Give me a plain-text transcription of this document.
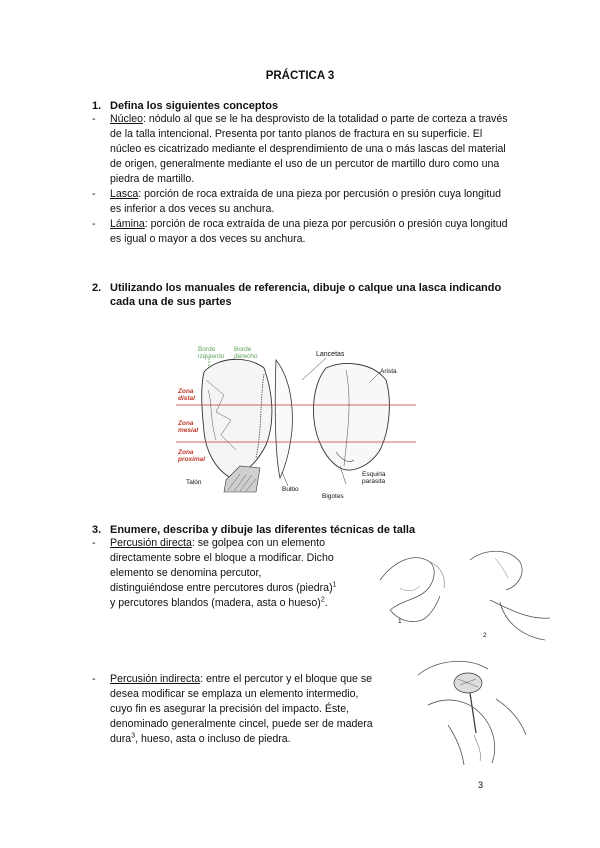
PRÁCTICA 3
1. Defina los siguientes conceptos
- Núcleo: nódulo al que se le ha desprovisto de la totalidad o parte de corteza a través
de la talla intencional. Presenta por tanto planos de fractura en su superficie. El
núcleo es cicatrizado mediante el desprendimiento de una o más lascas del material
de origen, generalmente mediante el uso de un percutor de martillo duro como una
piedra de martillo.
- Lasca: porción de roca extraída de una pieza por percusión o presión cuya longitud
es inferior a dos veces su anchura.
- Lámina: porción de roca extraída de una pieza por percusión o presión cuya longitud
es igual o mayor a dos veces su anchura.
2. Utilizando los manuales de referencia, dibuje o calque una lasca indicando
cada una de sus partes
Borde
izquierdo
Borde
derecho	Lancetas
Arista
Zona
distal
Zona
mesial
Zona
proximal
Talón
Bulbo
Bigotes
Esquirla
parasita
3. Enumere, describa y dibuje las diferentes técnicas de talla
- Percusión directa: se golpea con un elemento
directamente sobre el bloque a modificar. Dicho
elemento se denomina percutor,
distinguiéndose entre percutores duros (piedra)$^1$
y percutores blandos (madera, asta o hueso)$^2$.
1
2
- Percusión indirecta: entre el percutor y el bloque que se
desea modificar se emplaza un elemento intermedio,
cuyo fin es asegurar la precisión del impacto. Éste,
denominado generalmente cincel, puede ser de madera
dura$^3$, hueso, asta o incluso de piedra.
3
